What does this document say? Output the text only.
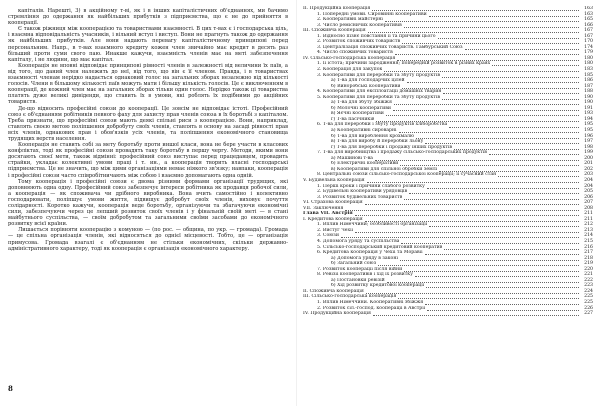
капіталів. Нарешті, 3) в акційному т-ві, як і в інших капіталістичних об'єднаннях, ми бачимо стремління до одержання як найбільших прибутків з підприємства, що є не до прийняття в кооперації.

Є також ріжниця між кооперацією та товариствами взаємності. В цих т-вах є і господарська ціль, і взаємна відповідальність учасників, і вільний вступ і виступ. Вони не прагнуть також до одержання як найбільших прибутків. Але вони надають перевагу капіталістичному принципові перед персональним. Напр., в т-вах взаємного кредиту кожен член звичайно має кредит в десять раз більший проти суми свого паю. Инакше кажучи, взаємність членів має на меті забезпечення капіталу, і не людини, що має капітал.

Кооперація не вповні відповідає принципові рівності членів в залежності від величини їх паїв, а від того, що даний член належить до неї, від того, що він є її членом. Правда, і в товариствах взаємності членам нерідко надається однаковий голос на загальних зборах незалежно від кількості голосів. Члени в більшому кількості паїв можуть мати і більшу кількість голосів. Це є виключенням в кооперації, де кожний член має на загальних зборах тільки один голос. Нерідко також ці товариства платять дуже великі дивіденди, що ставить їх в умови, які роблять їх подібними до акційних товариств.

Де-що відносить професійні союзи до кооперації. Це зовсім не відповідає істоті. Професійний союз є об'єднанням робітників певного фаху для захисту прав членів союза в їх боротьбі з капіталом. Треба признати, що професійні союзи мають деякі спільні риси з кооперацією. Вони, наприклад, ставлять своєю метою поліпшення добробуту своїх членів, ставлять в основу на засаді рівності прав всіх членів, однакових прав і обов'язків усіх членів, та поліпшення економічного становища трудящих верств населення.

Кооперація не ставить собі за мету боротьбу проти иншої класи, вона не бере участи в класових конфліктах, тоді як професійні союзи провадять таку боротьбу в першу чергу. Методи, якими вони досягають своєї мети, також відмінні: професійний союз виступає перед працедавцем, провадить страйки, укладає колективні умови праці і т. ин., а кооперація творить власні господарські підприємства. Це не значить, що між цими організаціями немає ніякого зв'язку; навпаки, кооперація і професійні союзи часто співробітничають між собою і взаємно допомагають одна одній.

Тому кооперація і професійні союзи є двома різними формами організації трудящих, які доповнюють одна одну. Професійний союз забезпечує інтереси робітника як продавця робочої сили, а кооперація — як споживача чи дрібного виробника. Вона вчить самостійно і колективно господарювати, поліпшує умови життя, підвищує добробут своїх членів, виховує почуття солідарності. Коротко кажучи, кооперація веде боротьбу, організуючи та збагачуючи економічні сили, забезпечуючи через це лепший розвиток своїх членів і у фінальній своїй меті — в стані майбутнього суспільства, — своїм добробутом та загальними своїми засобами до економічного розвитку всієї країни.

Лишається порівняти кооперацію з комуною — (по рос. — община, по укр. — громада). Громада — це спільна організація членів, які відносяться до однієї місцевості. Тобто, це — організація примусова. Громада взагалі є об'єднанням не стільки економічних, скільки державно-адміністративного характеру, тоді як кооперація є організація економічного характеру.

8
II. Продукційна кооперація	163
1. Попередні умови. Сировинні кооперативи	163
2. Кооперативні майстерні	165
3. Число ремісничих кооперативів	166
III. Споживча кооперація	167
1. Відносно пізнє повстання її та причини цього	167
2. Розвиток споживчих товариств	170
3. Централізація споживчих товариств. Гамбурський Союз	174
4. Число споживчих товариств	179
IV. Сільсько-господарська кооперація	180
1. Її істота; причини зародження; попередній розвиток в різних краях	180
2. Кооперація для закупок	183
3. Кооперативи для переробки та збуту продуктів	185
а) Т-ва для господарчих цілей	186
б) Виноробські кооперативи	187
4. Кооперативи для експлоатації домашніх тварин	188
5. Кооперативи для переробки та збуту продуктів	190
а) Т-ва для збуту збіжжя	190
б) Молочні кооперативи	191
в) Яєчні кооперативи	193
г) Т-ва пасічників	194
6. Т-ва для переробки і збуту продуктів хліборобства	195
а) Кооперативні сироварні	195
б) Т-ва для вироблення крохмалю	196
в) Т-ва для виробу й переробки льону	197
г) Т-ва для переробки і продажу інших продуктів	198
7. Т-ва для виробництва і продажу сільсько-господарських продуктів	199
а) Машинові т-ва	200
б) Електричні кооперативи	201
в) Кооперативи для спільної обробки землі	202
8. Центральні союзи сільсько-господарської кооперації; її сучасний стан	203
V. Будівельна кооперація	204
1. Перші кроки і причини слабого розвитку	204
2. Будівельні кооперативи урядовців	205
3. Розвиток будівельних товариств	206
VI. Страхова кооперація	207
VII. Заключення	208
Глава VII. Австрія	211
I. Кредитова кооперація	211
1. Вплив Німеччини; особливості організації	212
2. Вистуг Чехії	213
3. Союзи	214
4. Допомога уряду та суспільства	215
5. Сільсько-господарський кредитовий кооператив	216
6. Кредитова кооперація у Чехії та Моравії	217
а) Допомога уряду в законі	218
б) Загальний союз	219
7. Розвиток кооперації після війни	220
8. Ревізії кооперативів і хід їх розвитку	221
а) Постановки ревізій	222
б) Хід розвитку кредитової кооперації	223
II. Споживча кооперація	224
III. Сільсько-господарська кооперація	225
1. Вплив Німеччини. Кооперативні збіжжя	225
2. Розвиток сіл.-господ. кооперації в Австрії	226
IV. Продукційна кооперація	227
